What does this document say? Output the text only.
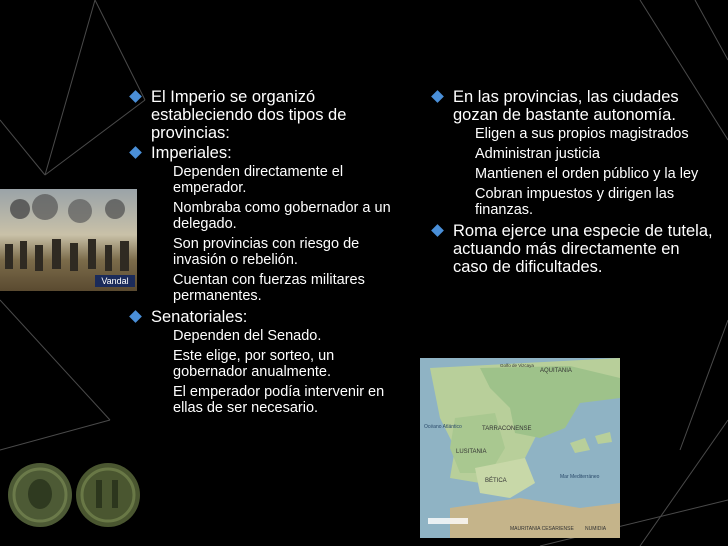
Vandal
AQUITANIA
Golfo de Vizcaya
TARRACONENSE
LUSITANIA
BÉTICA
Océano Atlántico
Mar Mediterráneo
MAURITANIA CESARIENSE NUMIDIA
El Imperio se organizó estableciendo dos tipos de provincias:
Imperiales:
Dependen directamente el emperador.
Nombraba como gobernador a un delegado.
Son provincias con riesgo de invasión o rebelión.
Cuentan con fuerzas militares permanentes.
Senatoriales:
Dependen del Senado.
Este elige, por sorteo, un gobernador anualmente.
El emperador podía intervenir en ellas de ser necesario.
En las provincias, las ciudades gozan de bastante autonomía.
Eligen a sus propios magistrados
Administran justicia
Mantienen el orden público y la ley
Cobran impuestos y dirigen las finanzas.
Roma ejerce una especie de tutela, actuando más directamente en caso de dificultades.
